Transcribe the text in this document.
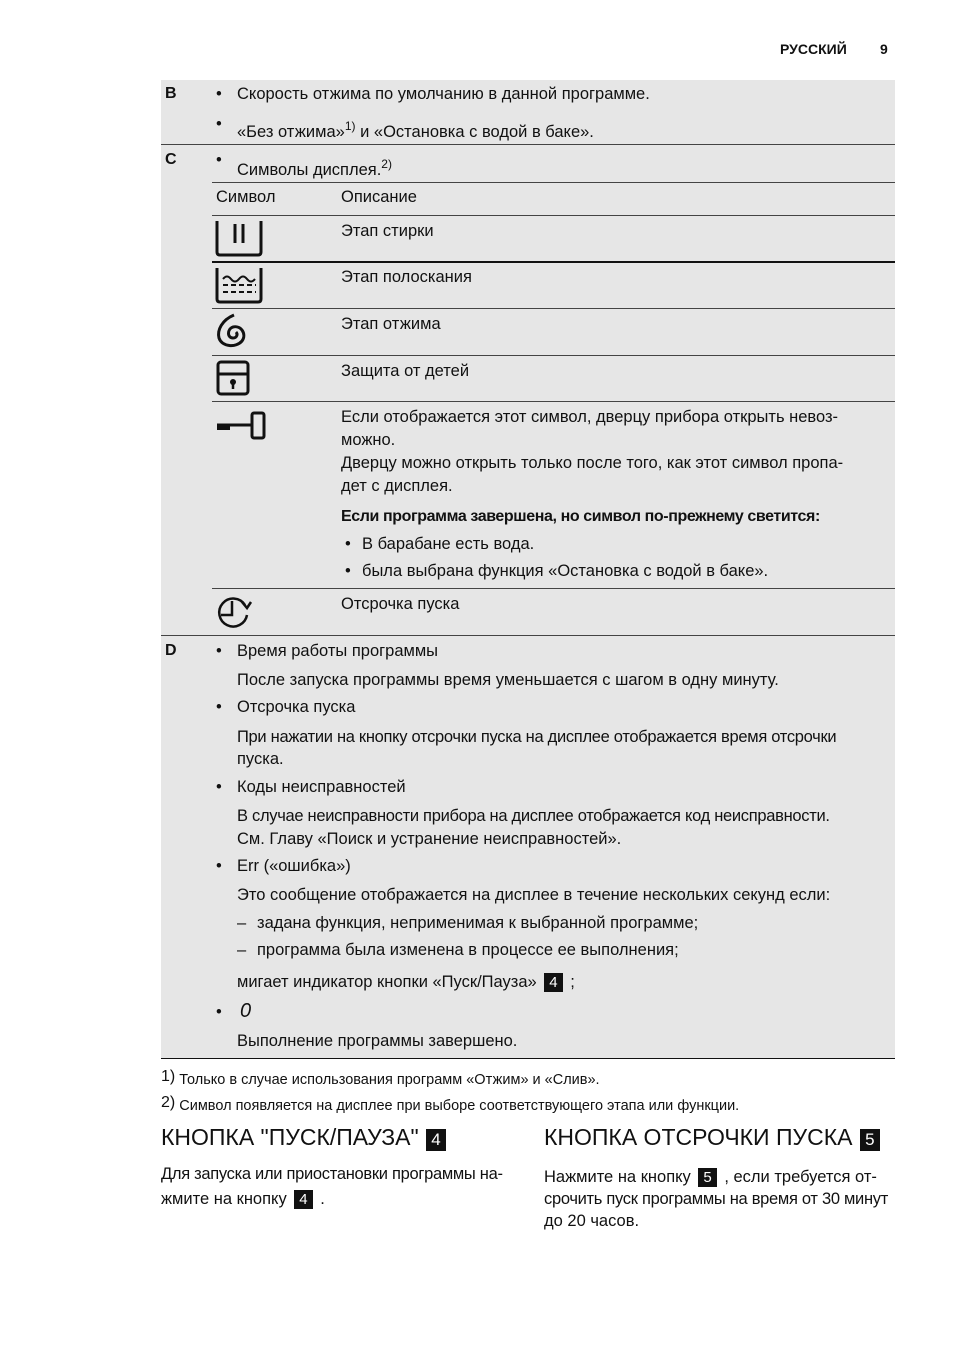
РУССКИЙ 9
B • Скорость отжима по умолчанию в данной программе.
• «Без отжима»$^{1)}$ и «Остановка с водой в баке».
C •
Символы дисплея.$^{2)}$
Символ	Описание
Этап стирки
Этап полоскания
Этап отжима
Защита от детей
Если отображается этот символ, дверцу прибора открыть невоз-
можно.
Дверцу можно открыть только после того, как этот символ пропа-
дет с дисплея.
Если программа завершена, но символ по-прежнему светится:
• В барабане есть вода.
• была выбрана функция «Остановка с водой в баке».
Отсрочка пуска
D • Время работы программы
После запуска программы время уменьшается с шагом в одну минуту.
• Отсрочка пуска
При нажатии на кнопку отсрочки пуска на дисплее отображается время отсрочки
пуска.
• Коды неисправностей
В случае неисправности прибора на дисплее отображается код неисправности.
См. Главу «Поиск и устранение неисправностей».
• Err («ошибка»)
Это сообщение отображается на дисплее в течение нескольких секунд если:
– задана функция, неприменимая к выбранной программе;
– программа была изменена в процессе ее выполнения;
мигает индикатор кнопки «Пуск/Пауза» 4 ;
• 0
Выполнение программы завершено.
1) Только в случае использования программ «Отжим» и «Слив».
2) Символ появляется на дисплее при выборе соответствующего этапа или функции.
КНОПКА "ПУСК/ПАУЗА" 4
Для запуска или приостановки программы на-
жмите на кнопку 4 .
КНОПКА ОТСРОЧКИ ПУСКА 5
Нажмите на кнопку 5 , если требуется от-
срочить пуск программы на время от 30 минут
до 20 часов.
